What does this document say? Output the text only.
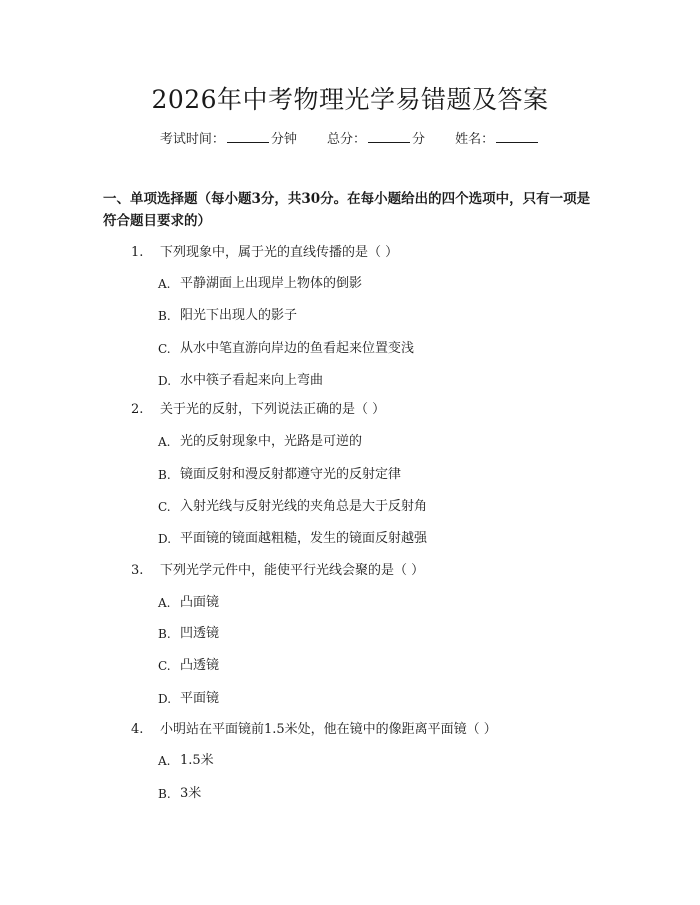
2026年中考物理光学易错题及答案
考试时间：	分钟 总分：	分 姓名：
一、单项选择题（每小题3分，共30分。在每小题给出的四个选项中，只有一项是符合题目要求的）
1. 下列现象中，属于光的直线传播的是（ ）
A. 平静湖面上出现岸上物体的倒影
B. 阳光下出现人的影子
C. 从水中笔直游向岸边的鱼看起来位置变浅
D. 水中筷子看起来向上弯曲
2. 关于光的反射，下列说法正确的是（ ）
A. 光的反射现象中，光路是可逆的
B. 镜面反射和漫反射都遵守光的反射定律
C. 入射光线与反射光线的夹角总是大于反射角
D. 平面镜的镜面越粗糙，发生的镜面反射越强
3. 下列光学元件中，能使平行光线会聚的是（ ）
A. 凸面镜
B. 凹透镜
C. 凸透镜
D. 平面镜
4. 小明站在平面镜前1.5米处，他在镜中的像距离平面镜（ ）
A. 1.5米
B. 3米
